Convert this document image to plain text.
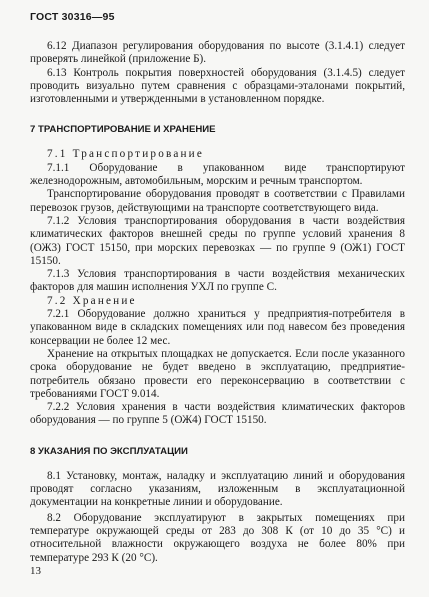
ГОСТ 30316—95

6.12 Диапазон регулирования оборудования по высоте (3.1.4.1) следует проверять линейкой (приложение Б).

6.13 Контроль покрытия поверхностей оборудования (3.1.4.5) следует проводить визуально путем сравнения с образцами-эталонами покрытий, изготовленными и утвержденными в установленном порядке.

7 ТРАНСПОРТИРОВАНИЕ И ХРАНЕНИЕ

7.1 Транспортирование

7.1.1 Оборудование в упакованном виде транспортируют железнодорожным, автомобильным, морским и речным транспортом.

Транспортирование оборудования проводят в соответствии с Правилами перевозок грузов, действующими на транспорте соответствующего вида.

7.1.2 Условия транспортирования оборудования в части воздействия климатических факторов внешней среды по группе условий хранения 8 (ОЖ3) ГОСТ 15150, при морских перевозках — по группе 9 (ОЖ1) ГОСТ 15150.

7.1.3 Условия транспортирования в части воздействия механических факторов для машин исполнения УХЛ по группе С.

7.2 Хранение

7.2.1 Оборудование должно храниться у предприятия-потребителя в упакованном виде в складских помещениях или под навесом без проведения консервации не более 12 мес.

Хранение на открытых площадках не допускается. Если после указанного срока оборудование не будет введено в эксплуатацию, предприятие-потребитель обязано провести его переконсервацию в соответствии с требованиями ГОСТ 9.014.

7.2.2 Условия хранения в части воздействия климатических факторов оборудования — по группе 5 (ОЖ4) ГОСТ 15150.

8 УКАЗАНИЯ ПО ЭКСПЛУАТАЦИИ

8.1 Установку, монтаж, наладку и эксплуатацию линий и оборудования проводят согласно указаниям, изложенным в эксплуатационной документации на конкретные линии и оборудование.

8.2 Оборудование эксплуатируют в закрытых помещениях при температуре окружающей среды от 283 до 308 К (от 10 до 35 °С) и относительной влажности окружающего воздуха не более 80% при температуре 293 К (20 °С).

13
